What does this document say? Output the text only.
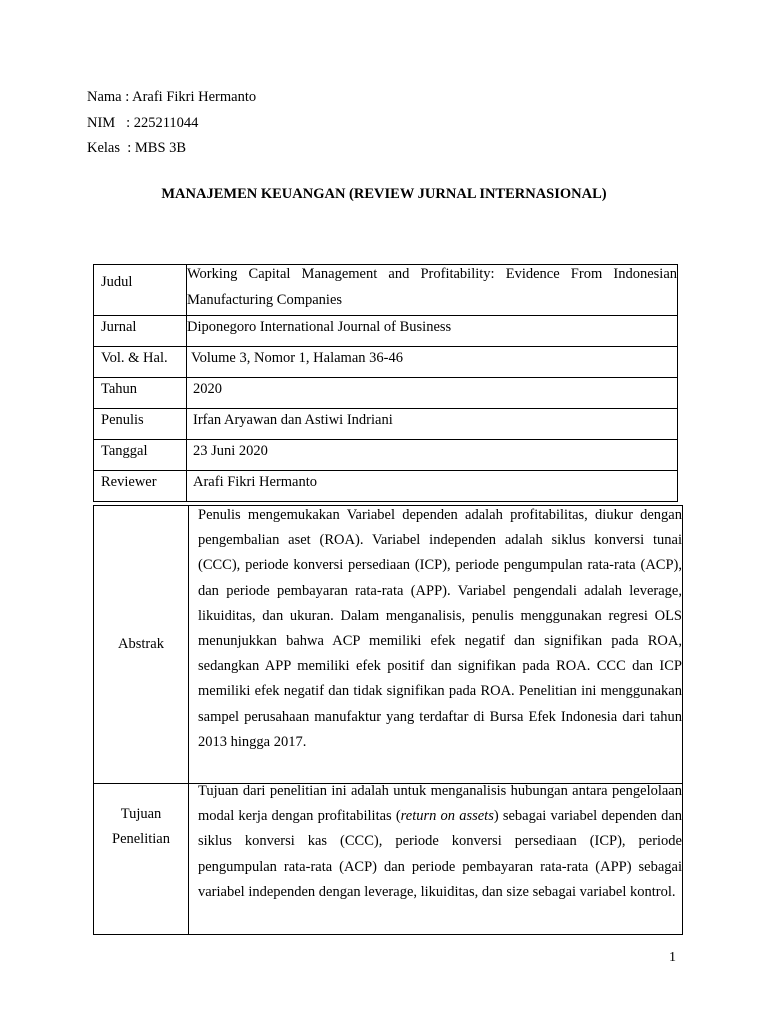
Nama : Arafi Fikri Hermanto
NIM   : 225211044
Kelas  : MBS 3B
MANAJEMEN KEUANGAN (REVIEW JURNAL INTERNASIONAL)
Judul	Working Capital Management and Profitability: Evidence From Indonesian Manufacturing Companies

Jurnal	Diponegoro International Journal of Business
Vol. & Hal.	Volume 3, Nomor 1, Halaman 36-46
Tahun	2020
Penulis	Irfan Aryawan dan Astiwi Indriani
Tanggal	23 Juni 2020
Reviewer	Arafi Fikri Hermanto
Abstrak	Penulis mengemukakan Variabel dependen adalah profitabilitas, diukur dengan pengembalian aset (ROA). Variabel independen adalah siklus konversi tunai (CCC), periode konversi persediaan (ICP), periode pengumpulan rata-rata (ACP), dan periode pembayaran rata-rata (APP). Variabel pengendali adalah leverage, likuiditas, dan ukuran. Dalam menganalisis, penulis menggunakan regresi OLS menunjukkan bahwa ACP memiliki efek negatif dan signifikan pada ROA, sedangkan APP memiliki efek positif dan signifikan pada ROA. CCC dan ICP memiliki efek negatif dan tidak signifikan pada ROA. Penelitian ini menggunakan sampel perusahaan manufaktur yang terdaftar di Bursa Efek Indonesia dari tahun 2013 hingga 2017.

Tujuan
Penelitian	Tujuan dari penelitian ini adalah untuk menganalisis hubungan antara pengelolaan modal kerja dengan profitabilitas (return on assets) sebagai variabel dependen dan siklus konversi kas (CCC), periode konversi persediaan (ICP), periode pengumpulan rata-rata (ACP) dan periode pembayaran rata-rata (APP) sebagai variabel independen dengan leverage, likuiditas, dan size sebagai variabel kontrol.
1
